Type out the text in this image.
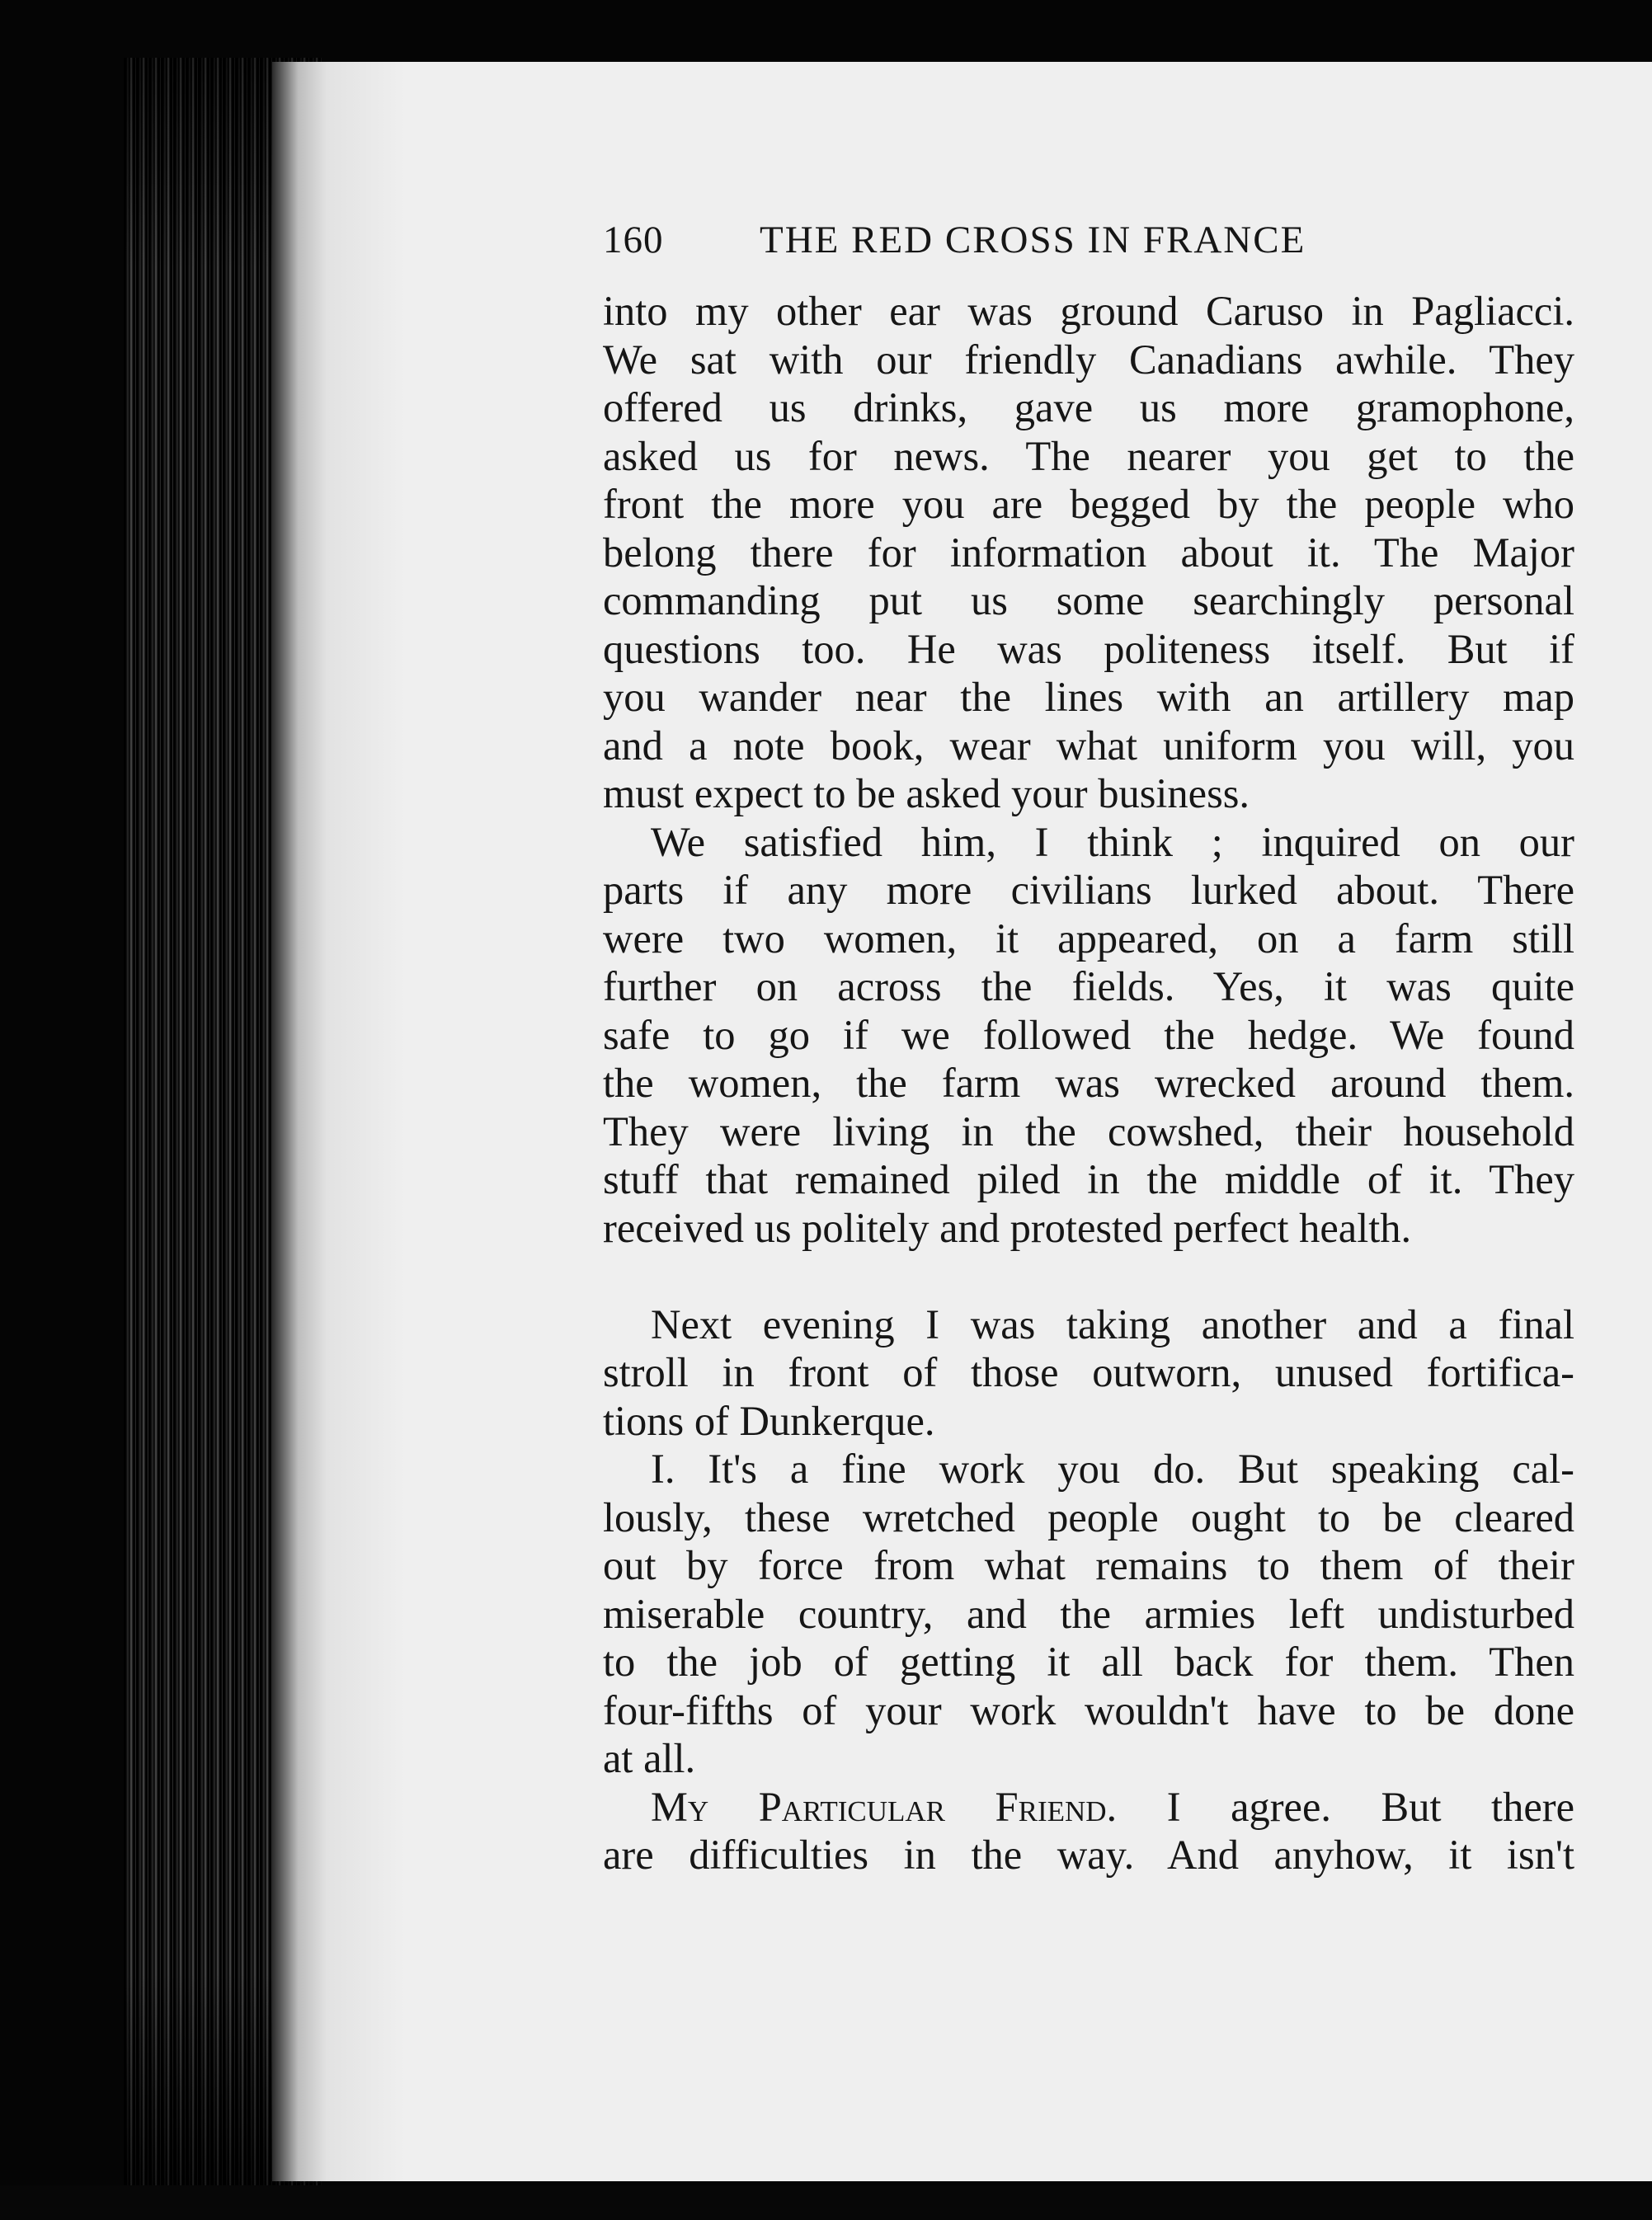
160	THE RED CROSS IN FRANCE
into my other ear was ground Caruso in Pagliacci.
We sat with our friendly Canadians awhile. They
offered us drinks, gave us more gramophone,
asked us for news. The nearer you get to the
front the more you are begged by the people who
belong there for information about it. The Major
commanding put us some searchingly personal
questions too. He was politeness itself. But if
you wander near the lines with an artillery map
and a note book, wear what uniform you will, you
must expect to be asked your business.
We satisfied him, I think ; inquired on our
parts if any more civilians lurked about. There
were two women, it appeared, on a farm still
further on across the fields. Yes, it was quite
safe to go if we followed the hedge. We found
the women, the farm was wrecked around them.
They were living in the cowshed, their household
stuff that remained piled in the middle of it. They
received us politely and protested perfect health.
Next evening I was taking another and a final
stroll in front of those outworn, unused fortifica-
tions of Dunkerque.
I. It's a fine work you do. But speaking cal-
lously, these wretched people ought to be cleared
out by force from what remains to them of their
miserable country, and the armies left undisturbed
to the job of getting it all back for them. Then
four-fifths of your work wouldn't have to be done
at all.
My Particular Friend. I agree. But there
are difficulties in the way. And anyhow, it isn't
